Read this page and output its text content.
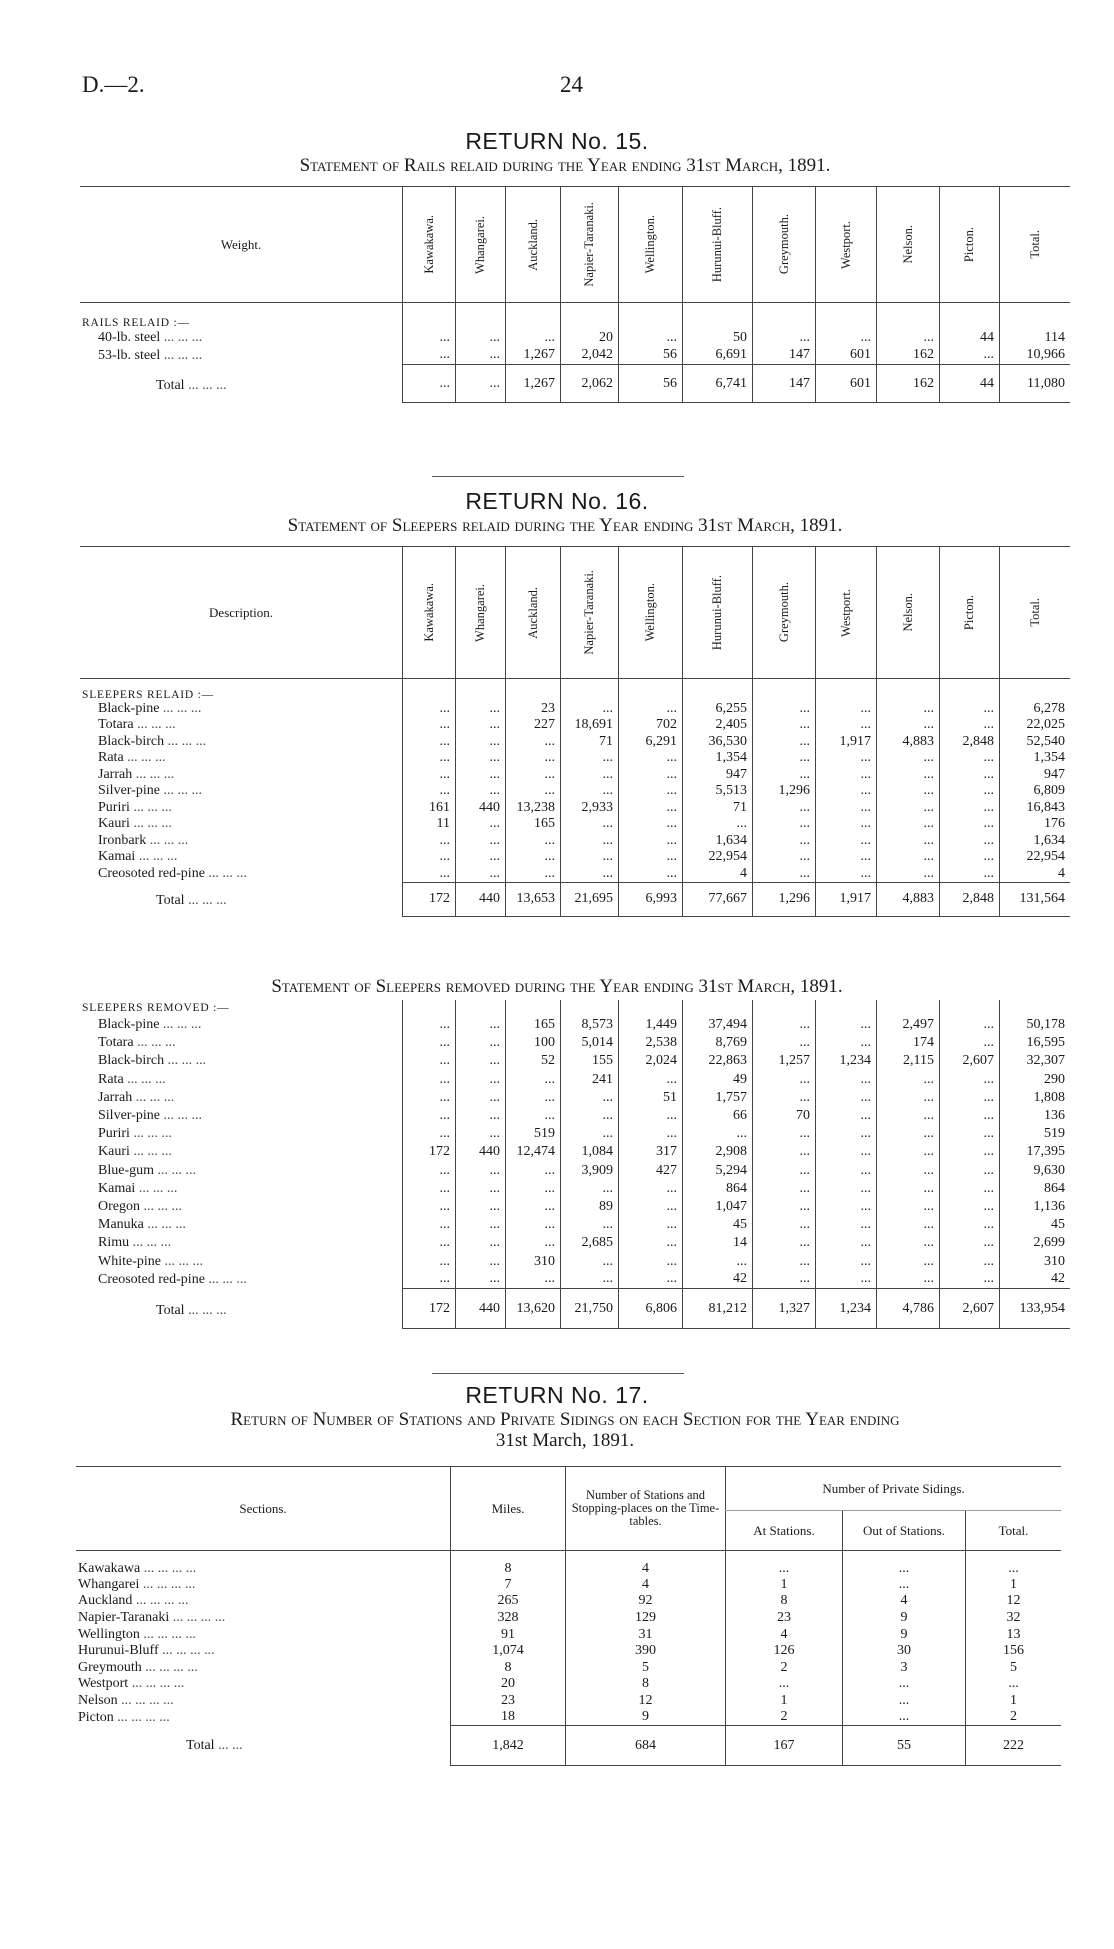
D.—2.	24
RETURN No. 15.
Statement of Rails relaid during the Year ending 31st March, 1891.
Weight.	Kawakawa.	Whangarei.	Auckland.	Napier-Taranaki.	Wellington.	Hurunui-Bluff.	Greymouth.	Westport.	Nelson.	Picton.	Total.

RAILS RELAID :—											
40-lb. steel ... ... ...	...	...	...	20	...	50	...	...	...	44	114
53-lb. steel ... ... ...	...	...	1,267	2,042	56	6,691	147	601	162	...	10,966
Total ... ... ...	...	...	1,267	2,062	56	6,741	147	601	162	44	11,080
RETURN No. 16.
Statement of Sleepers relaid during the Year ending 31st March, 1891.
Description.	Kawakawa.	Whangarei.	Auckland.	Napier-Taranaki.	Wellington.	Hurunui-Bluff.	Greymouth.	Westport.	Nelson.	Picton.	Total.

SLEEPERS RELAID :—											
Black-pine ... ... ...	...	...	23	...	...	6,255	...	...	...	...	6,278
Totara ... ... ...	...	...	227	18,691	702	2,405	...	...	...	...	22,025
Black-birch ... ... ...	...	...	...	71	6,291	36,530	...	1,917	4,883	2,848	52,540
Rata ... ... ...	...	...	...	...	...	1,354	...	...	...	...	1,354
Jarrah ... ... ...	...	...	...	...	...	947	...	...	...	...	947
Silver-pine ... ... ...	...	...	...	...	...	5,513	1,296	...	...	...	6,809
Puriri ... ... ...	161	440	13,238	2,933	...	71	...	...	...	...	16,843
Kauri ... ... ...	11	...	165	...	...	...	...	...	...	...	176
Ironbark ... ... ...	...	...	...	...	...	1,634	...	...	...	...	1,634
Kamai ... ... ...	...	...	...	...	...	22,954	...	...	...	...	22,954
Creosoted red-pine ... ... ...	...	...	...	...	...	4	...	...	...	...	4
Total ... ... ...	172	440	13,653	21,695	6,993	77,667	1,296	1,917	4,883	2,848	131,564
Statement of Sleepers removed during the Year ending 31st March, 1891.
SLEEPERS REMOVED :—											
Black-pine ... ... ...	...	...	165	8,573	1,449	37,494	...	...	2,497	...	50,178
Totara ... ... ...	...	...	100	5,014	2,538	8,769	...	...	174	...	16,595
Black-birch ... ... ...	...	...	52	155	2,024	22,863	1,257	1,234	2,115	2,607	32,307
Rata ... ... ...	...	...	...	241	...	49	...	...	...	...	290
Jarrah ... ... ...	...	...	...	...	51	1,757	...	...	...	...	1,808
Silver-pine ... ... ...	...	...	...	...	...	66	70	...	...	...	136
Puriri ... ... ...	...	...	519	...	...	...	...	...	...	...	519
Kauri ... ... ...	172	440	12,474	1,084	317	2,908	...	...	...	...	17,395
Blue-gum ... ... ...	...	...	...	3,909	427	5,294	...	...	...	...	9,630
Kamai ... ... ...	...	...	...	...	...	864	...	...	...	...	864
Oregon ... ... ...	...	...	...	89	...	1,047	...	...	...	...	1,136
Manuka ... ... ...	...	...	...	...	...	45	...	...	...	...	45
Rimu ... ... ...	...	...	...	2,685	...	14	...	...	...	...	2,699
White-pine ... ... ...	...	...	310	...	...	...	...	...	...	...	310
Creosoted red-pine ... ... ...	...	...	...	...	...	42	...	...	...	...	42
Total ... ... ...	172	440	13,620	21,750	6,806	81,212	1,327	1,234	4,786	2,607	133,954
RETURN No. 17.
Return of Number of Stations and Private Sidings on each Section for the Year ending
31st March, 1891.
Sections.	Miles.	Number of Stations and Stopping-places on the Time-tables.	Number of Private Sidings.		
			At Stations.	Out of Stations.	Total.
Kawakawa ... ... ... ...	8	4	...	...	...
Whangarei ... ... ... ...	7	4	1	...	1
Auckland ... ... ... ...	265	92	8	4	12
Napier-Taranaki ... ... ... ...	328	129	23	9	32
Wellington ... ... ... ...	91	31	4	9	13
Hurunui-Bluff ... ... ... ...	1,074	390	126	30	156
Greymouth ... ... ... ...	8	5	2	3	5
Westport ... ... ... ...	20	8	...	...	...
Nelson ... ... ... ...	23	12	1	...	1
Picton ... ... ... ...	18	9	2	...	2
Total ... ...	1,842	684	167	55	222
